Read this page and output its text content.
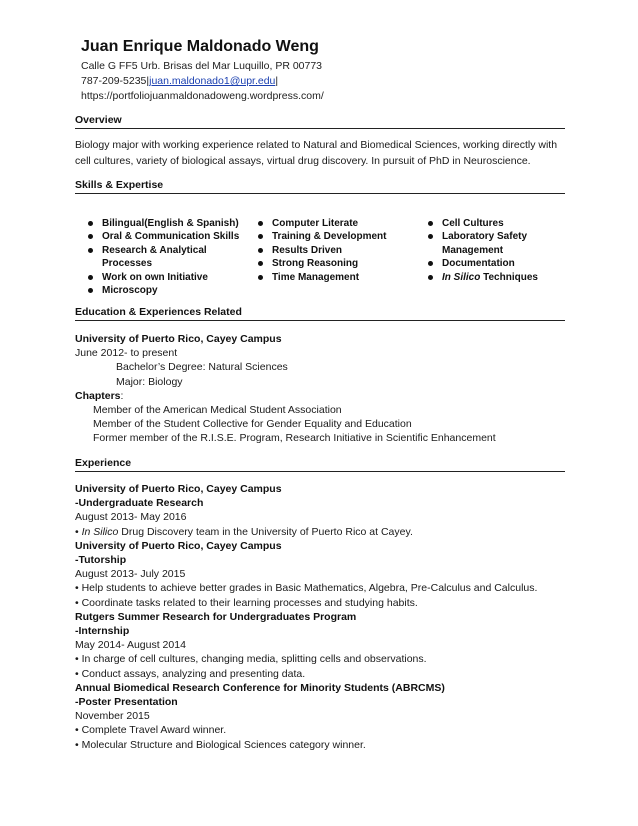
Juan Enrique Maldonado Weng
Calle G FF5 Urb. Brisas del Mar Luquillo, PR 00773
787-209-5235|juan.maldonado1@upr.edu|
https://portfoliojuanmaldonadoweng.wordpress.com/
Overview
Biology major with working experience related to Natural and Biomedical Sciences, working directly with
cell cultures, variety of biological assays, virtual drug discovery. In pursuit of PhD in Neuroscience.
Skills & Expertise
Bilingual(English & Spanish)
Oral & Communication Skills
Research & Analytical Processes
Work on own Initiative
Microscopy
Computer Literate
Training & Development
Results Driven
Strong Reasoning
Time Management
Cell Cultures
Laboratory Safety Management
Documentation
In Silico Techniques
Education & Experiences Related
University of Puerto Rico, Cayey Campus
June 2012- to present
Bachelor’s Degree: Natural Sciences
Major: Biology
Chapters:
Member of the American Medical Student Association
Member of the Student Collective for Gender Equality and Education
Former member of the R.I.S.E. Program, Research Initiative in Scientific Enhancement
Experience
University of Puerto Rico, Cayey Campus
-Undergraduate Research
August 2013- May 2016
• In Silico Drug Discovery team in the University of Puerto Rico at Cayey.
University of Puerto Rico, Cayey Campus
-Tutorship
August 2013- July 2015
• Help students to achieve better grades in Basic Mathematics, Algebra, Pre-Calculus and Calculus.
• Coordinate tasks related to their learning processes and studying habits.
Rutgers Summer Research for Undergraduates Program
-Internship
May 2014- August 2014
• In charge of cell cultures, changing media, splitting cells and observations.
• Conduct assays, analyzing and presenting data.
Annual Biomedical Research Conference for Minority Students (ABRCMS)
-Poster Presentation
November 2015
• Complete Travel Award winner.
• Molecular Structure and Biological Sciences category winner.
